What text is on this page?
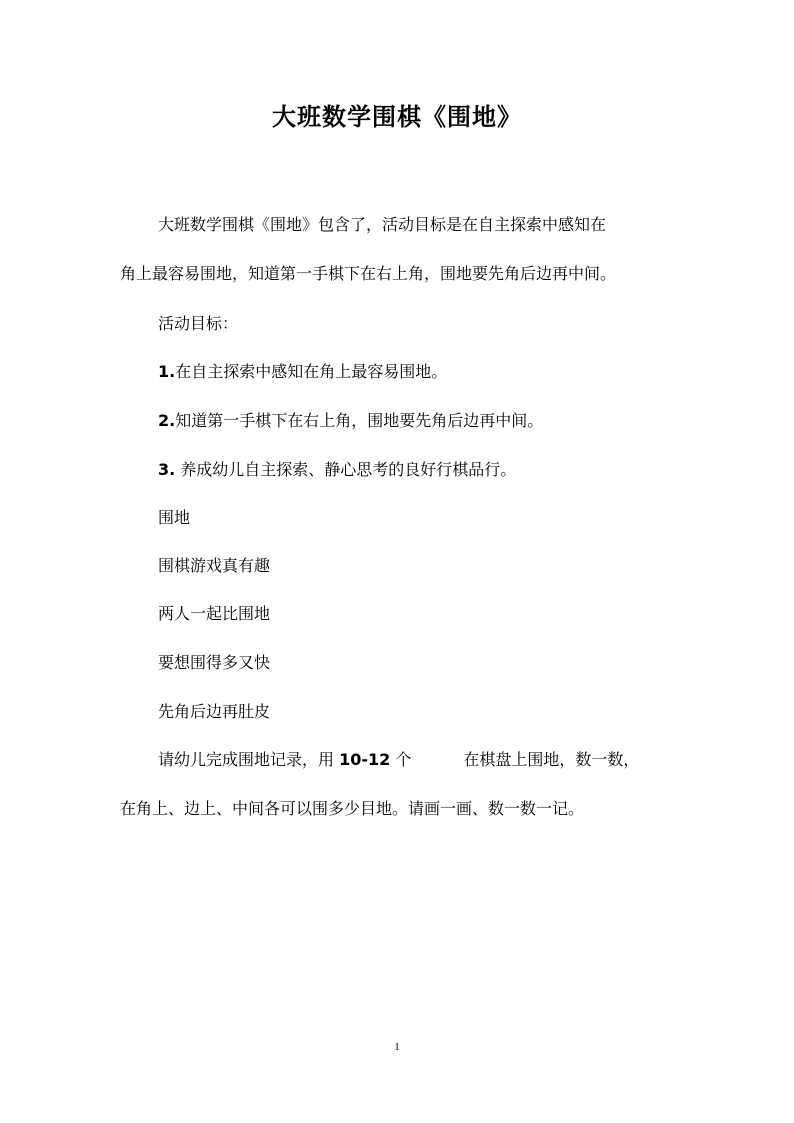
大班数学围棋《围地》
大班数学围棋《围地》包含了，活动目标是在自主探索中感知在
角上最容易围地，知道第一手棋下在右上角，围地要先角后边再中间。
活动目标：
1.在自主探索中感知在角上最容易围地。
2.知道第一手棋下在右上角，围地要先角后边再中间。
3. 养成幼儿自主探索、静心思考的良好行棋品行。
围地
围棋游戏真有趣
两人一起比围地
要想围得多又快
先角后边再肚皮
请幼儿完成围地记录，用 10-12 个	在棋盘上围地，数一数，
在角上、边上、中间各可以围多少目地。请画一画、数一数一记。
1
